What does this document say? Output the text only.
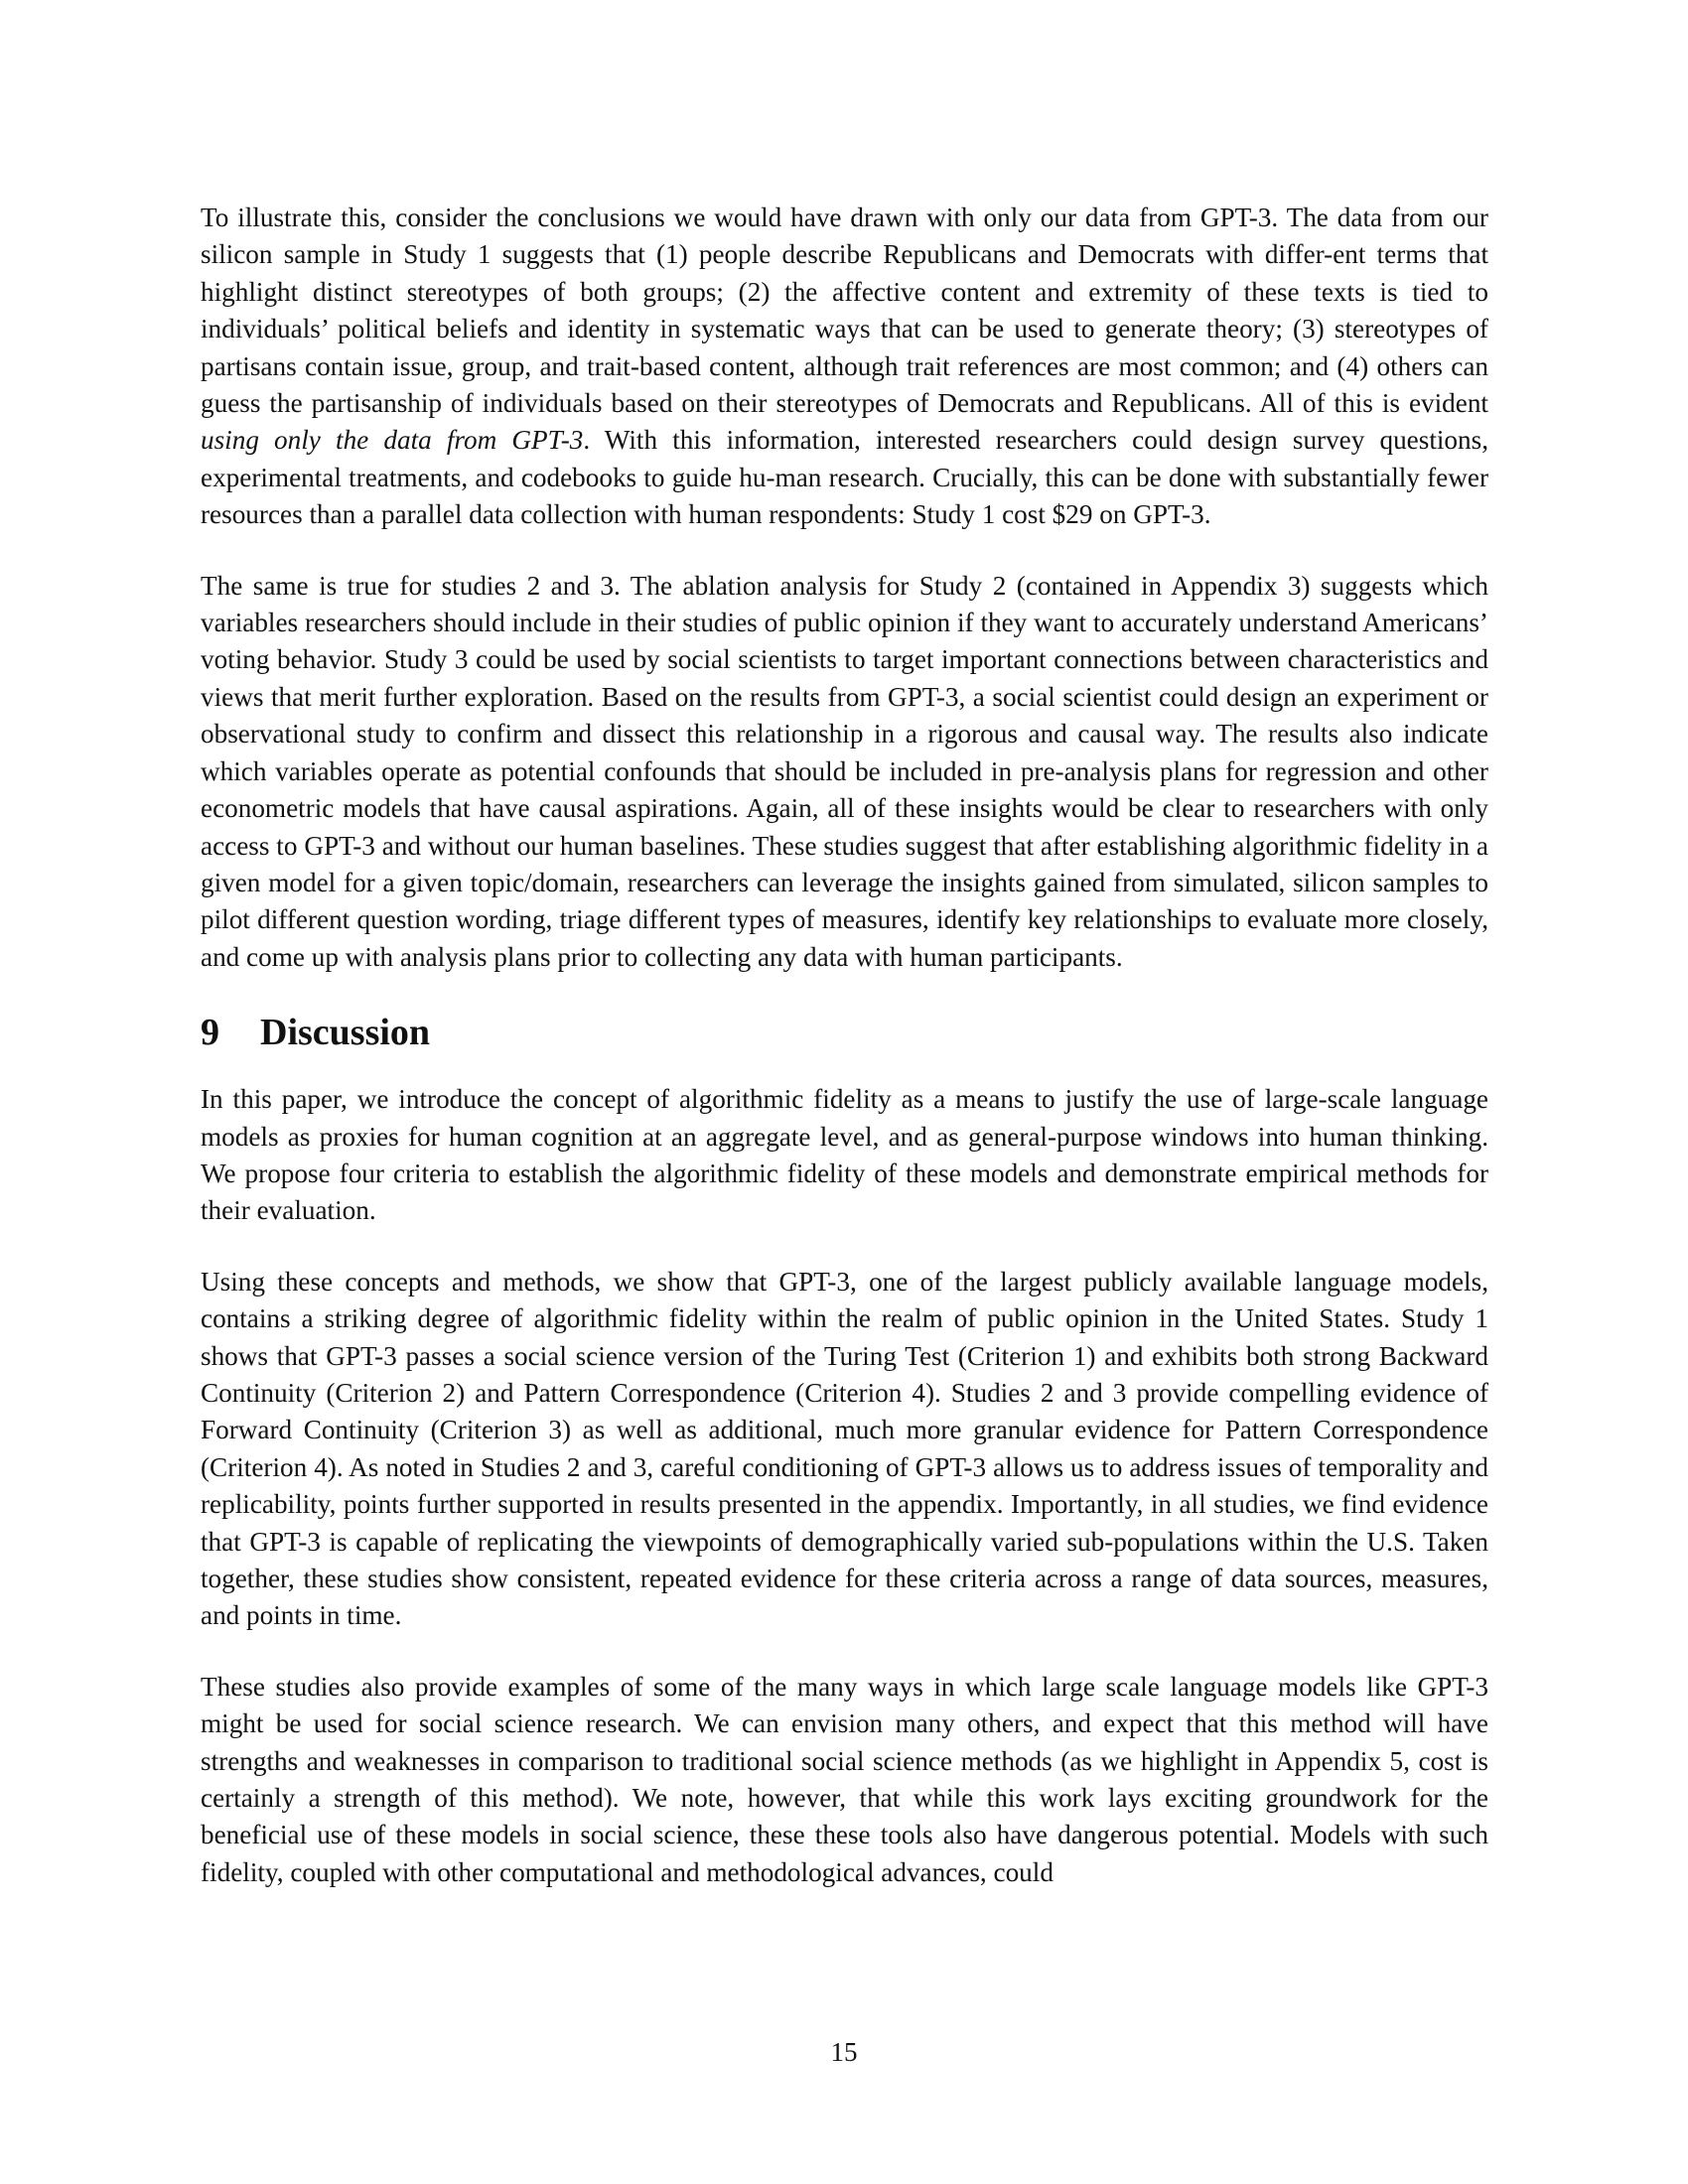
To illustrate this, consider the conclusions we would have drawn with only our data from GPT-3. The data from our silicon sample in Study 1 suggests that (1) people describe Republicans and Democrats with differ-ent terms that highlight distinct stereotypes of both groups; (2) the affective content and extremity of these texts is tied to individuals’ political beliefs and identity in systematic ways that can be used to generate theory; (3) stereotypes of partisans contain issue, group, and trait-based content, although trait references are most common; and (4) others can guess the partisanship of individuals based on their stereotypes of Democrats and Republicans. All of this is evident using only the data from GPT-3. With this information, interested researchers could design survey questions, experimental treatments, and codebooks to guide hu-man research. Crucially, this can be done with substantially fewer resources than a parallel data collection with human respondents: Study 1 cost $29 on GPT-3.

The same is true for studies 2 and 3. The ablation analysis for Study 2 (contained in Appendix 3) suggests which variables researchers should include in their studies of public opinion if they want to accurately understand Americans’ voting behavior. Study 3 could be used by social scientists to target important connections between characteristics and views that merit further exploration. Based on the results from GPT-3, a social scientist could design an experiment or observational study to confirm and dissect this relationship in a rigorous and causal way. The results also indicate which variables operate as potential confounds that should be included in pre-analysis plans for regression and other econometric models that have causal aspirations. Again, all of these insights would be clear to researchers with only access to GPT-3 and without our human baselines. These studies suggest that after establishing algorithmic fidelity in a given model for a given topic/domain, researchers can leverage the insights gained from simulated, silicon samples to pilot different question wording, triage different types of measures, identify key relationships to evaluate more closely, and come up with analysis plans prior to collecting any data with human participants.

9 Discussion

In this paper, we introduce the concept of algorithmic fidelity as a means to justify the use of large-scale language models as proxies for human cognition at an aggregate level, and as general-purpose windows into human thinking. We propose four criteria to establish the algorithmic fidelity of these models and demonstrate empirical methods for their evaluation.

Using these concepts and methods, we show that GPT-3, one of the largest publicly available language models, contains a striking degree of algorithmic fidelity within the realm of public opinion in the United States. Study 1 shows that GPT-3 passes a social science version of the Turing Test (Criterion 1) and exhibits both strong Backward Continuity (Criterion 2) and Pattern Correspondence (Criterion 4). Studies 2 and 3 provide compelling evidence of Forward Continuity (Criterion 3) as well as additional, much more granular evidence for Pattern Correspondence (Criterion 4). As noted in Studies 2 and 3, careful conditioning of GPT-3 allows us to address issues of temporality and replicability, points further supported in results presented in the appendix. Importantly, in all studies, we find evidence that GPT-3 is capable of replicating the viewpoints of demographically varied sub-populations within the U.S. Taken together, these studies show consistent, repeated evidence for these criteria across a range of data sources, measures, and points in time.

These studies also provide examples of some of the many ways in which large scale language models like GPT-3 might be used for social science research. We can envision many others, and expect that this method will have strengths and weaknesses in comparison to traditional social science methods (as we highlight in Appendix 5, cost is certainly a strength of this method). We note, however, that while this work lays exciting groundwork for the beneficial use of these models in social science, these these tools also have dangerous potential. Models with such fidelity, coupled with other computational and methodological advances, could

15
